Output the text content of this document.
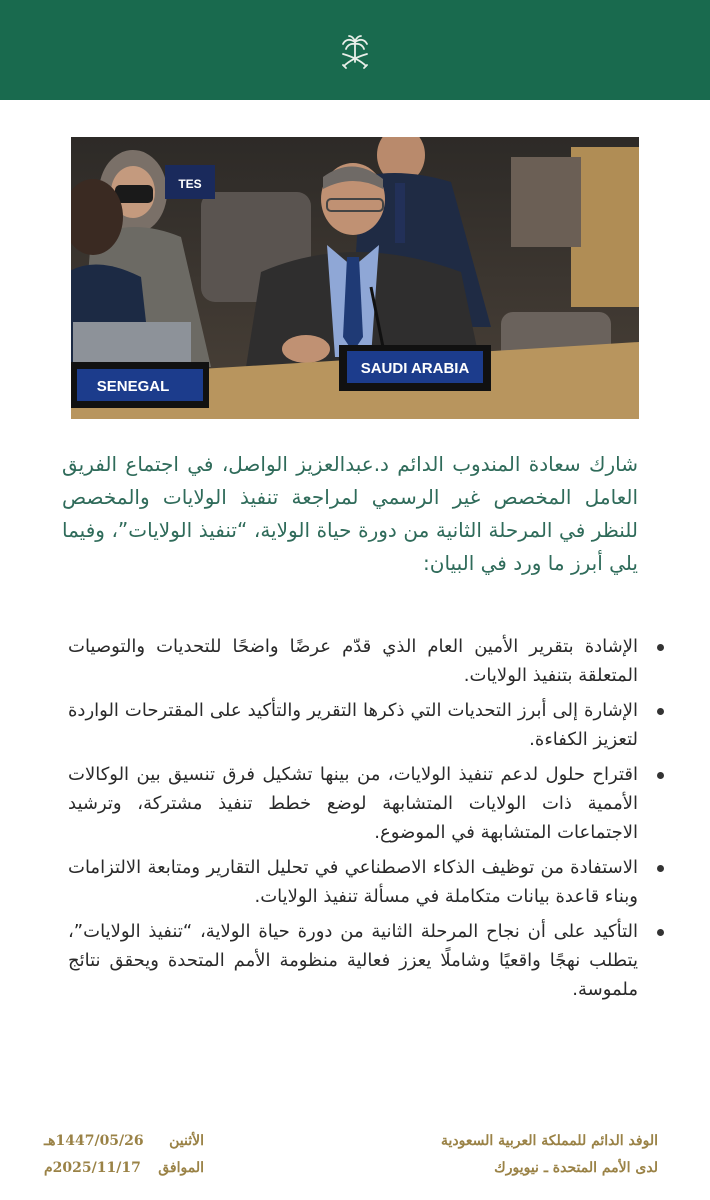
SAUDI ARABIA
SENEGAL
TES

شارك سعادة المندوب الدائم د.عبدالعزيز الواصل، في اجتماع الفريق العامل المخصص غير الرسمي لمراجعة تنفيذ الولايات والمخصص للنظر في المرحلة الثانية من دورة حياة الولاية، “تنفيذ الولايات”، وفيما يلي أبرز ما ورد في البيان:

الإشادة بتقرير الأمين العام الذي قدّم عرضًا واضحًا للتحديات والتوصيات المتعلقة بتنفيذ الولايات.
الإشارة إلى أبرز التحديات التي ذكرها التقرير والتأكيد على المقترحات الواردة لتعزيز الكفاءة.
اقتراح حلول لدعم تنفيذ الولايات، من بينها تشكيل فرق تنسيق بين الوكالات الأممية ذات الولايات المتشابهة لوضع خطط تنفيذ مشتركة، وترشيد الاجتماعات المتشابهة في الموضوع.
الاستفادة من توظيف الذكاء الاصطناعي في تحليل التقارير ومتابعة الالتزامات وبناء قاعدة بيانات متكاملة في مسألة تنفيذ الولايات.
التأكيد على أن نجاح المرحلة الثانية من دورة حياة الولاية، “تنفيذ الولايات”، يتطلب نهجًا واقعيًا وشاملًا يعزز فعالية منظومة الأمم المتحدة ويحقق نتائج ملموسة.
الوفد الدائم للمملكة العربية السعودية
لدى الأمم المتحدة ـ نيويورك
الأثنين
1447/05/26هـ
الموافق
2025/11/17م
